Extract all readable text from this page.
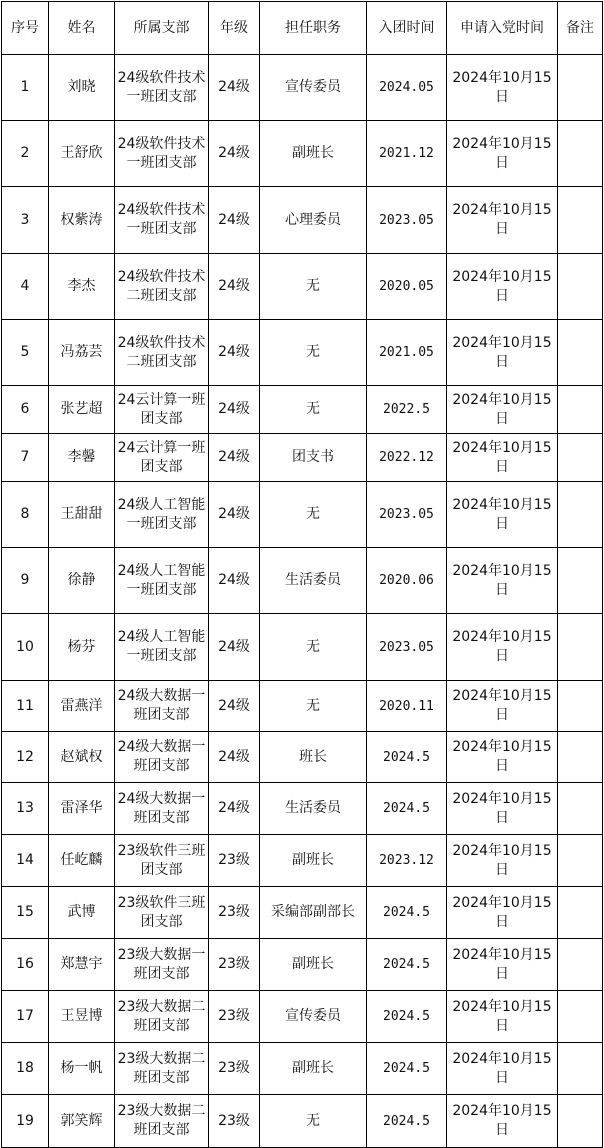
序号	姓名	所属支部	年级	担任职务	入团时间	申请入党时间	备注
1	刘晓	24级软件技术一班团支部	24级	宣传委员	2024.05	2024年10月15日	
2	王舒欣	24级软件技术一班团支部	24级	副班长	2021.12	2024年10月15日	
3	权紫涛	24级软件技术一班团支部	24级	心理委员	2023.05	2024年10月15日	
4	李杰	24级软件技术二班团支部	24级	无	2020.05	2024年10月15日	
5	冯荔芸	24级软件技术二班团支部	24级	无	2021.05	2024年10月15日	
6	张艺超	24云计算一班团支部	24级	无	2022.5	2024年10月15日	
7	李馨	24云计算一班团支部	24级	团支书	2022.12	2024年10月15日	
8	王甜甜	24级人工智能一班团支部	24级	无	2023.05	2024年10月15日	
9	徐静	24级人工智能一班团支部	24级	生活委员	2020.06	2024年10月15日	
10	杨芬	24级人工智能一班团支部	24级	无	2023.05	2024年10月15日	
11	雷燕洋	24级大数据一班团支部	24级	无	2020.11	2024年10月15日	
12	赵斌权	24级大数据一班团支部	24级	班长	2024.5	2024年10月15日	
13	雷泽华	24级大数据一班团支部	24级	生活委员	2024.5	2024年10月15日	
14	任屹麟	23级软件三班团支部	23级	副班长	2023.12	2024年10月15日	
15	武博	23级软件三班团支部	23级	采编部副部长	2024.5	2024年10月15日	
16	郑慧宇	23级大数据一班团支部	23级	副班长	2024.5	2024年10月15日	
17	王昱博	23级大数据二班团支部	23级	宣传委员	2024.5	2024年10月15日	
18	杨一帆	23级大数据二班团支部	23级	副班长	2024.5	2024年10月15日	
19	郭笑辉	23级大数据二班团支部	23级	无	2024.5	2024年10月15日	
